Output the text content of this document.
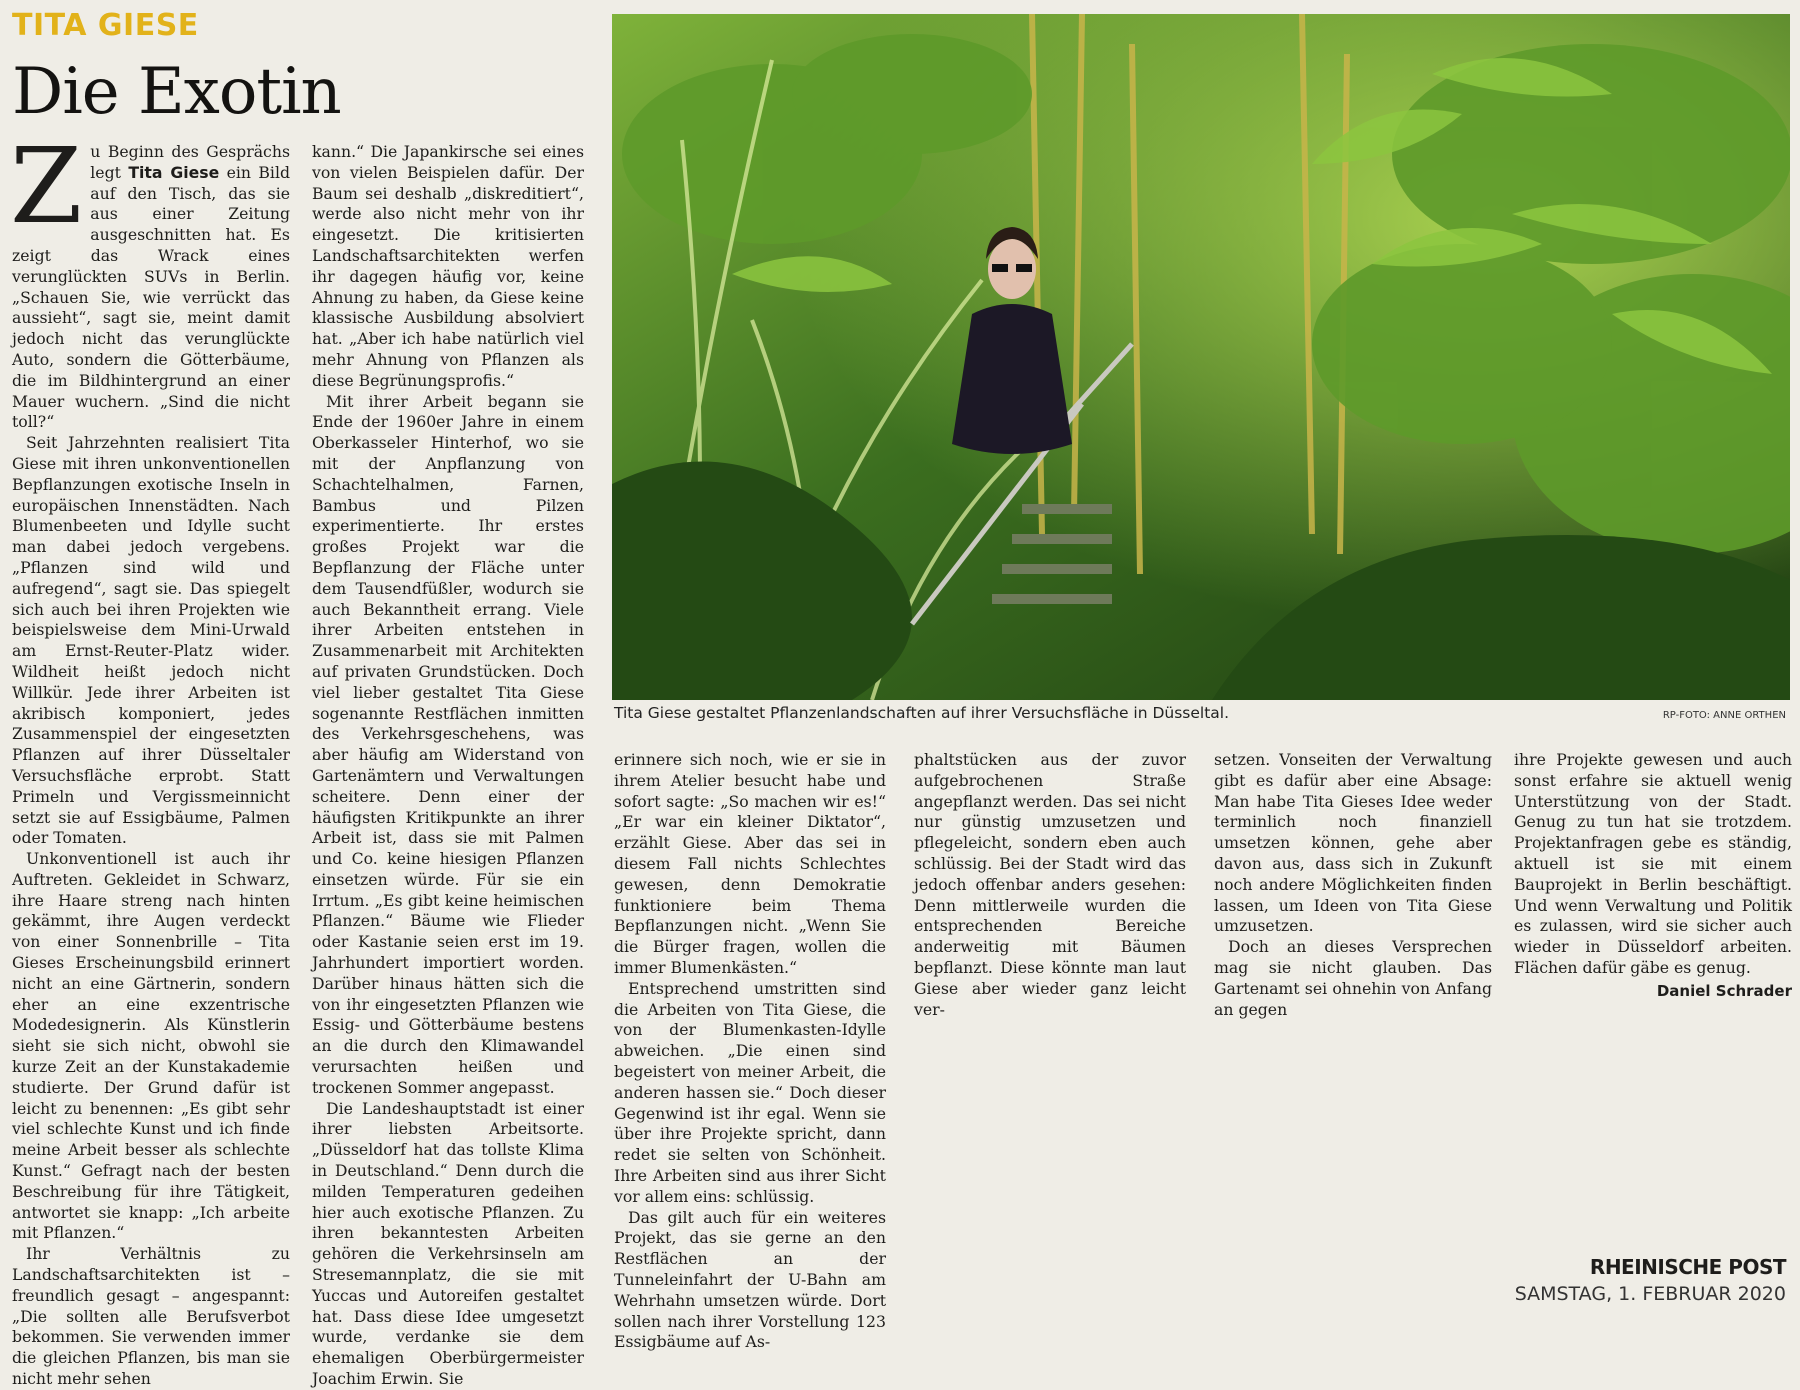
TITA GIESE
Die Exotin

Zu Beginn des Gesprächs legt Tita Giese ein Bild auf den Tisch, das sie aus einer Zeitung ausgeschnitten hat. Es zeigt das Wrack eines verunglückten SUVs in Berlin. „Schauen Sie, wie verrückt das aussieht“, sagt sie, meint damit jedoch nicht das verunglückte Auto, sondern die Götterbäume, die im Bildhintergrund an einer Mauer wuchern. „Sind die nicht toll?“

Seit Jahrzehnten realisiert Tita Giese mit ihren unkonventionellen Bepflanzungen exotische Inseln in europäischen Innenstädten. Nach Blumenbeeten und Idylle sucht man dabei jedoch vergebens. „Pflanzen sind wild und aufregend“, sagt sie. Das spiegelt sich auch bei ihren Projekten wie beispielsweise dem Mini-Urwald am Ernst-Reuter-Platz wider. Wildheit heißt jedoch nicht Willkür. Jede ihrer Arbeiten ist akribisch komponiert, jedes Zusammenspiel der eingesetzten Pflanzen auf ihrer Düsseltaler Versuchsfläche erprobt. Statt Primeln und Vergissmeinnicht setzt sie auf Essigbäume, Palmen oder Tomaten.

Unkonventionell ist auch ihr Auftreten. Gekleidet in Schwarz, ihre Haare streng nach hinten gekämmt, ihre Augen verdeckt von einer Sonnenbrille – Tita Gieses Erscheinungsbild erinnert nicht an eine Gärtnerin, sondern eher an eine exzentrische Modedesignerin. Als Künstlerin sieht sie sich nicht, obwohl sie kurze Zeit an der Kunstakademie studierte. Der Grund dafür ist leicht zu benennen: „Es gibt sehr viel schlechte Kunst und ich finde meine Arbeit besser als schlechte Kunst.“ Gefragt nach der besten Beschreibung für ihre Tätigkeit, antwortet sie knapp: „Ich arbeite mit Pflanzen.“

Ihr Verhältnis zu Landschaftsarchitekten ist – freundlich gesagt – angespannt: „Die sollten alle Berufsverbot bekommen. Sie verwenden immer die gleichen Pflanzen, bis man sie nicht mehr sehen

kann.“ Die Japankirsche sei eines von vielen Beispielen dafür. Der Baum sei deshalb „diskreditiert“, werde also nicht mehr von ihr eingesetzt. Die kritisierten Landschaftsarchitekten werfen ihr dagegen häufig vor, keine Ahnung zu haben, da Giese keine klassische Ausbildung absolviert hat. „Aber ich habe natürlich viel mehr Ahnung von Pflanzen als diese Begrünungsprofis.“

Mit ihrer Arbeit begann sie Ende der 1960er Jahre in einem Oberkasseler Hinterhof, wo sie mit der Anpflanzung von Schachtelhalmen, Farnen, Bambus und Pilzen experimentierte. Ihr erstes großes Projekt war die Bepflanzung der Fläche unter dem Tausendfüßler, wodurch sie auch Bekanntheit errang. Viele ihrer Arbeiten entstehen in Zusammenarbeit mit Architekten auf privaten Grundstücken. Doch viel lieber gestaltet Tita Giese sogenannte Restflächen inmitten des Verkehrsgeschehens, was aber häufig am Widerstand von Gartenämtern und Verwaltungen scheitere. Denn einer der häufigsten Kritikpunkte an ihrer Arbeit ist, dass sie mit Palmen und Co. keine hiesigen Pflanzen einsetzen würde. Für sie ein Irrtum. „Es gibt keine heimischen Pflanzen.“ Bäume wie Flieder oder Kastanie seien erst im 19. Jahrhundert importiert worden. Darüber hinaus hätten sich die von ihr eingesetzten Pflanzen wie Essig- und Götterbäume bestens an die durch den Klimawandel verursachten heißen und trockenen Sommer angepasst.

Die Landeshauptstadt ist einer ihrer liebsten Arbeitsorte. „Düsseldorf hat das tollste Klima in Deutschland.“ Denn durch die milden Temperaturen gedeihen hier auch exotische Pflanzen. Zu ihren bekanntesten Arbeiten gehören die Verkehrsinseln am Stresemannplatz, die sie mit Yuccas und Autoreifen gestaltet hat. Dass diese Idee umgesetzt wurde, verdanke sie dem ehemaligen Oberbürgermeister Joachim Erwin. Sie

Tita Giese gestaltet Pflanzenlandschaften auf ihrer Versuchsfläche in Düsseltal.	RP-FOTO: ANNE ORTHEN

erinnere sich noch, wie er sie in ihrem Atelier besucht habe und sofort sagte: „So machen wir es!“ „Er war ein kleiner Diktator“, erzählt Giese. Aber das sei in diesem Fall nichts Schlechtes gewesen, denn Demokratie funktioniere beim Thema Bepflanzungen nicht. „Wenn Sie die Bürger fragen, wollen die immer Blumenkästen.“

Entsprechend umstritten sind die Arbeiten von Tita Giese, die von der Blumenkasten-Idylle abweichen. „Die einen sind begeistert von meiner Arbeit, die anderen hassen sie.“ Doch dieser Gegenwind ist ihr egal. Wenn sie über ihre Projekte spricht, dann redet sie selten von Schönheit. Ihre Arbeiten sind aus ihrer Sicht vor allem eins: schlüssig.

Das gilt auch für ein weiteres Projekt, das sie gerne an den Restflächen an der Tunneleinfahrt der U-Bahn am Wehrhahn umsetzen würde. Dort sollen nach ihrer Vorstellung 123 Essigbäume auf As-

phaltstücken aus der zuvor aufgebrochenen Straße angepflanzt werden. Das sei nicht nur günstig umzusetzen und pflegeleicht, sondern eben auch schlüssig. Bei der Stadt wird das jedoch offenbar anders gesehen: Denn mittlerweile wurden die entsprechenden Bereiche anderweitig mit Bäumen bepflanzt. Diese könnte man laut Giese aber wieder ganz leicht ver-

setzen. Vonseiten der Verwaltung gibt es dafür aber eine Absage: Man habe Tita Gieses Idee weder terminlich noch finanziell umsetzen können, gehe aber davon aus, dass sich in Zukunft noch andere Möglichkeiten finden lassen, um Ideen von Tita Giese umzusetzen.

Doch an dieses Versprechen mag sie nicht glauben. Das Gartenamt sei ohnehin von Anfang an gegen

ihre Projekte gewesen und auch sonst erfahre sie aktuell wenig Unterstützung von der Stadt. Genug zu tun hat sie trotzdem. Projektanfragen gebe es ständig, aktuell ist sie mit einem Bauprojekt in Berlin beschäftigt. Und wenn Verwaltung und Politik es zulassen, wird sie sicher auch wieder in Düsseldorf arbeiten. Flächen dafür gäbe es genug.

Daniel Schrader
RHEINISCHE POST
SAMSTAG, 1. FEBRUAR 2020
